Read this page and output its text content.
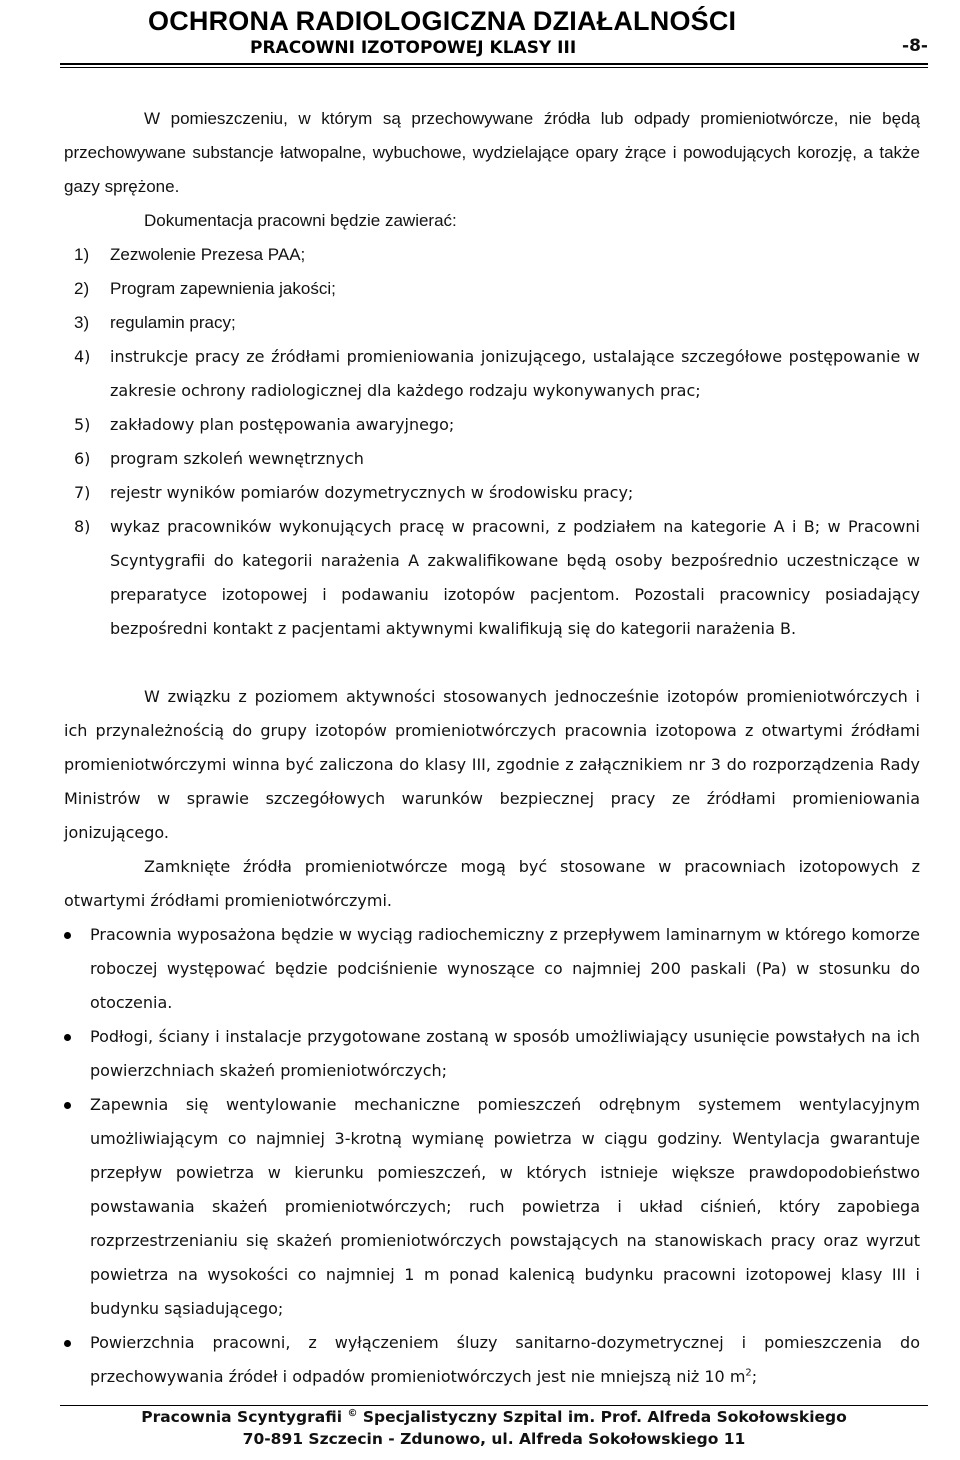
OCHRONA RADIOLOGICZNA DZIAŁALNOŚCI
PRACOWNI IZOTOPOWEJ KLASY III	-8-

W pomieszczeniu, w którym są przechowywane źródła lub odpady promieniotwórcze, nie będą przechowywane substancje łatwopalne, wybuchowe, wydzielające opary żrące i powodujących korozję, a także gazy sprężone.

Dokumentacja pracowni będzie zawierać:

1) Zezwolenie Prezesa PAA;
2) Program zapewnienia jakości;
3) regulamin pracy;
4) instrukcje pracy ze źródłami promieniowania jonizującego, ustalające szczegółowe postępowanie w zakresie ochrony radiologicznej dla każdego rodzaju wykonywanych prac;
5) zakładowy plan postępowania awaryjnego;
6) program szkoleń wewnętrznych
7) rejestr wyników pomiarów dozymetrycznych w środowisku pracy;
8) wykaz pracowników wykonujących pracę w pracowni, z podziałem na kategorie A i B; w Pracowni Scyntygrafii do kategorii narażenia A zakwalifikowane będą osoby bezpośrednio uczestniczące w preparatyce izotopowej i podawaniu izotopów pacjentom. Pozostali pracownicy posiadający bezpośredni kontakt z pacjentami aktywnymi kwalifikują się do kategorii narażenia B.

W związku z poziomem aktywności stosowanych jednocześnie izotopów promieniotwórczych i ich przynależnością do grupy izotopów promieniotwórczych pracownia izotopowa z otwartymi źródłami promieniotwórczymi winna być zaliczona do klasy III, zgodnie z załącznikiem nr 3 do rozporządzenia Rady Ministrów w sprawie szczegółowych warunków bezpiecznej pracy ze źródłami promieniowania jonizującego.

Zamknięte źródła promieniotwórcze mogą być stosowane w pracowniach izotopowych z otwartymi źródłami promieniotwórczymi.

Pracownia wyposażona będzie w wyciąg radiochemiczny z przepływem laminarnym w którego komorze roboczej występować będzie podciśnienie wynoszące co najmniej 200 paskali (Pa) w stosunku do otoczenia.
Podłogi, ściany i instalacje przygotowane zostaną w sposób umożliwiający usunięcie powstałych na ich powierzchniach skażeń promieniotwórczych;
Zapewnia się wentylowanie mechaniczne pomieszczeń odrębnym systemem wentylacyjnym umożliwiającym co najmniej 3-krotną wymianę powietrza w ciągu godziny. Wentylacja gwarantuje przepływ powietrza w kierunku pomieszczeń, w których istnieje większe prawdopodobieństwo powstawania skażeń promieniotwórczych; ruch powietrza i układ ciśnień, który zapobiega rozprzestrzenianiu się skażeń promieniotwórczych powstających na stanowiskach pracy oraz wyrzut powietrza na wysokości co najmniej 1 m ponad kalenicą budynku pracowni izotopowej klasy III i budynku sąsiadującego;
Powierzchnia pracowni, z wyłączeniem śluzy sanitarno-dozymetrycznej i pomieszczenia do przechowywania źródeł i odpadów promieniotwórczych jest nie mniejszą niż 10 $m^2$;
Pracownia Scyntygrafii © Specjalistyczny Szpital im. Prof. Alfreda Sokołowskiego
70-891 Szczecin - Zdunowo, ul. Alfreda Sokołowskiego 11
